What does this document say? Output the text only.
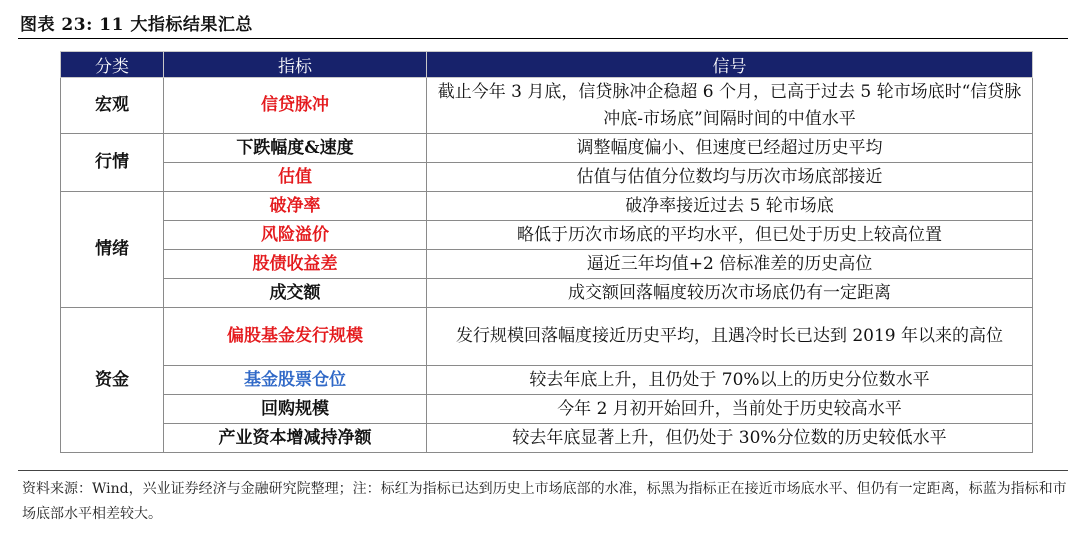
图表 23: 11 大指标结果汇总
分类	指标	信号
宏观	信贷脉冲	截止今年 3 月底，信贷脉冲企稳超 6 个月，已高于过去 5 轮市场底时“信贷脉冲底-市场底”间隔时间的中值水平
行情	下跌幅度&速度	调整幅度偏小、但速度已经超过历史平均
	估值	估值与估值分位数均与历次市场底部接近
情绪	破净率	破净率接近过去 5 轮市场底
	风险溢价	略低于历次市场底的平均水平，但已处于历史上较高位置
	股债收益差	逼近三年均值+2 倍标准差的历史高位
	成交额	成交额回落幅度较历次市场底仍有一定距离
资金	偏股基金发行规模	发行规模回落幅度接近历史平均，且遇冷时长已达到 2019 年以来的高位
	基金股票仓位	较去年底上升，且仍处于 70%以上的历史分位数水平
	回购规模	今年 2 月初开始回升，当前处于历史较高水平
	产业资本增减持净额	较去年底显著上升，但仍处于 30%分位数的历史较低水平
资料来源：Wind，兴业证券经济与金融研究院整理；注：标红为指标已达到历史上市场底部的水准，标黑为指标正在接近市场底水平、但仍有一定距离，标蓝为指标和市场底部水平相差较大。
